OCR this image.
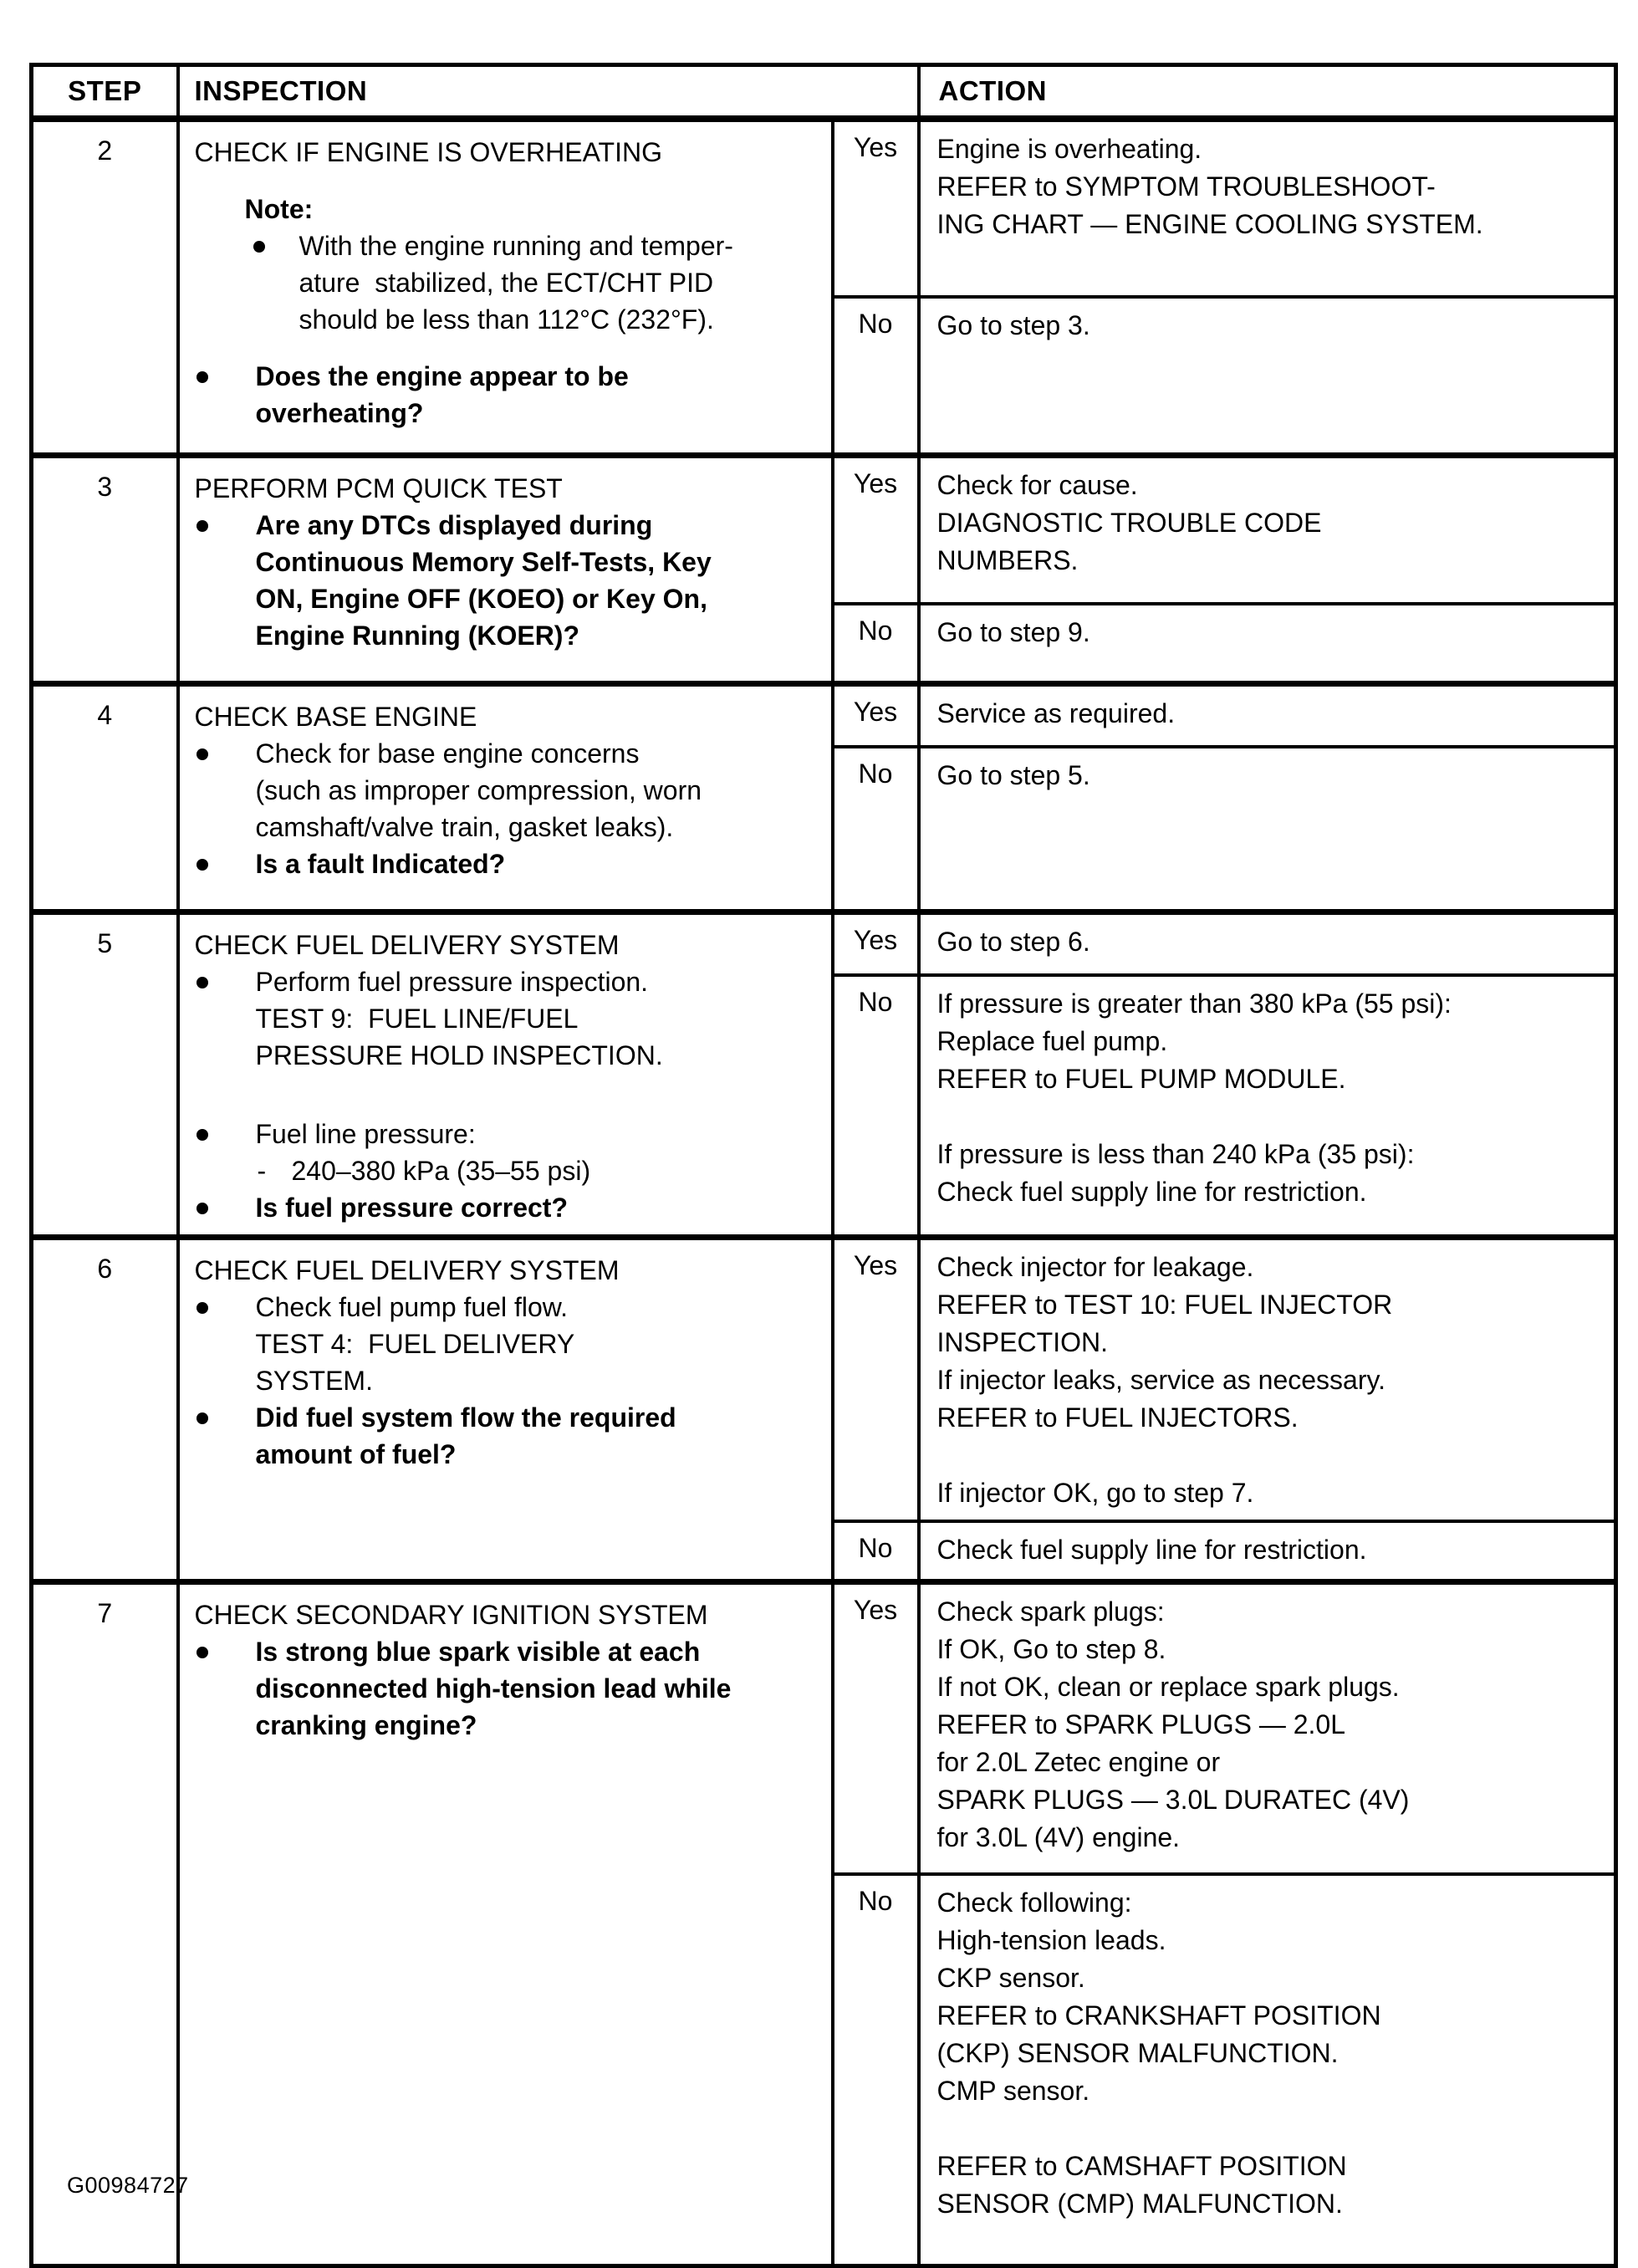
STEP	INSPECTION		ACTION
2	CHECK IF ENGINE IS OVERHEATING
Note:
With the engine running and temper-
ature  stabilized, the ECT/CHT PID
should be less than 112°C (232°F).
Does the engine appear to be
overheating?
	Yes	Engine is overheating.
REFER to SYMPTOM TROUBLESHOOT-
ING CHART — ENGINE COOLING SYSTEM.

		No	Go to step 3.

3	PERFORM PCM QUICK TEST
Are any DTCs displayed during
Continuous Memory Self-Tests, Key
ON, Engine OFF (KOEO) or Key On,
Engine Running (KOER)?
	Yes	Check for cause.
DIAGNOSTIC TROUBLE CODE
NUMBERS.

		No	Go to step 9.

4	CHECK BASE ENGINE
Check for base engine concerns
(such as improper compression, worn
camshaft/valve train, gasket leaks).
Is a fault Indicated?	Yes	Service as required.

		No	Go to step 5.

5	CHECK FUEL DELIVERY SYSTEM
Perform fuel pressure inspection.
TEST 9:  FUEL LINE/FUEL
PRESSURE HOLD INSPECTION.
Fuel line pressure:
- 240–380 kPa (35–55 psi)
Is fuel pressure correct?
	Yes	Go to step 6.

		No	If pressure is greater than 380 kPa (55 psi):
Replace fuel pump.
REFER to FUEL PUMP MODULE.

If pressure is less than 240 kPa (35 psi):
Check fuel supply line for restriction.

6	CHECK FUEL DELIVERY SYSTEM
Check fuel pump fuel flow.
TEST 4:  FUEL DELIVERY
SYSTEM.
Did fuel system flow the required
amount of fuel?
	Yes	Check injector for leakage.
REFER to TEST 10: FUEL INJECTOR
INSPECTION.
If injector leaks, service as necessary.
REFER to FUEL INJECTORS.

If injector OK, go to step 7.

		No	Check fuel supply line for restriction.

7	CHECK SECONDARY IGNITION SYSTEM
Is strong blue spark visible at each
disconnected high-tension lead while
cranking engine?
	Yes	Check spark plugs:
If OK, Go to step 8.
If not OK, clean or replace spark plugs.
REFER to SPARK PLUGS — 2.0L
for 2.0L Zetec engine or
SPARK PLUGS — 3.0L DURATEC (4V)
for 3.0L (4V) engine.

No	Check following:
High-tension leads.
CKP sensor.
REFER to CRANKSHAFT POSITION
(CKP) SENSOR MALFUNCTION.
CMP sensor.

REFER to CAMSHAFT POSITION
SENSOR (CMP) MALFUNCTION.
G00984727
